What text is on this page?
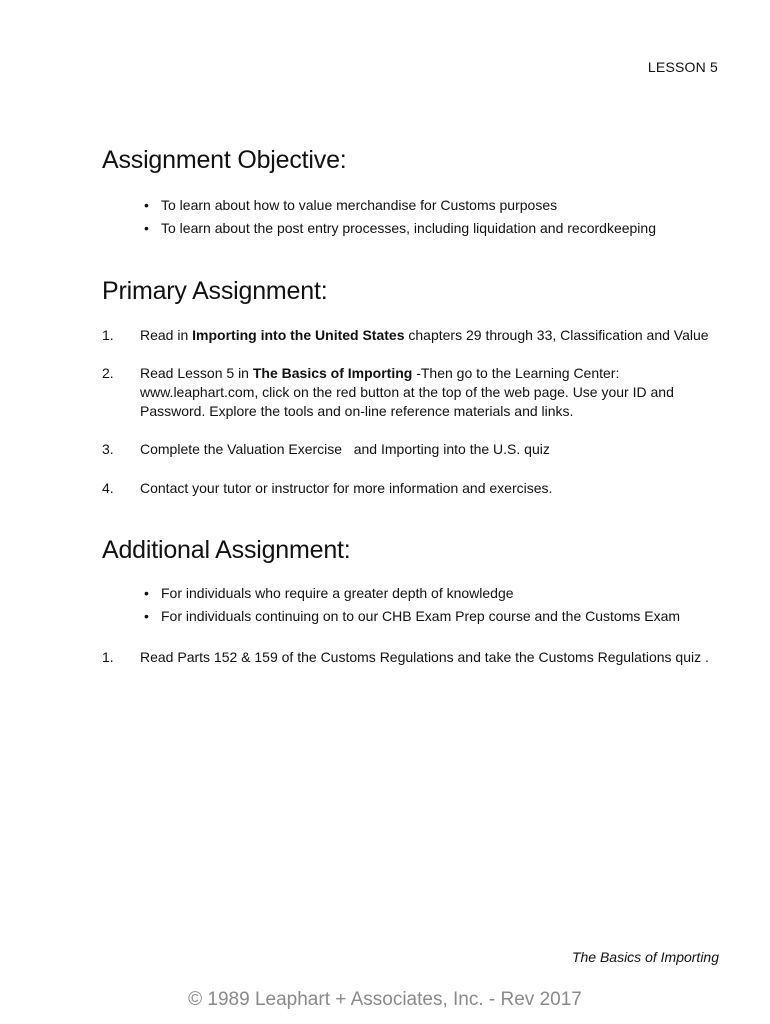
LESSON 5
Assignment Objective:
• To learn about how to value merchandise for Customs purposes
• To learn about the post entry processes, including liquidation and recordkeeping
Primary Assignment:
1. Read in Importing into the United States chapters 29 through 33, Classification and Value
2. Read Lesson 5 in The Basics of Importing -Then go to the Learning Center:
www.leaphart.com, click on the red button at the top of the web page. Use your ID and
Password. Explore the tools and on-line reference materials and links.
3. Complete the Valuation Exercise   and Importing into the U.S. quiz
4. Contact your tutor or instructor for more information and exercises.
Additional Assignment:
• For individuals who require a greater depth of knowledge
• For individuals continuing on to our CHB Exam Prep course and the Customs Exam
1. Read Parts 152 & 159 of the Customs Regulations and take the Customs Regulations quiz .
The Basics of Importing
© 1989 Leaphart + Associates, Inc. - Rev 2017
